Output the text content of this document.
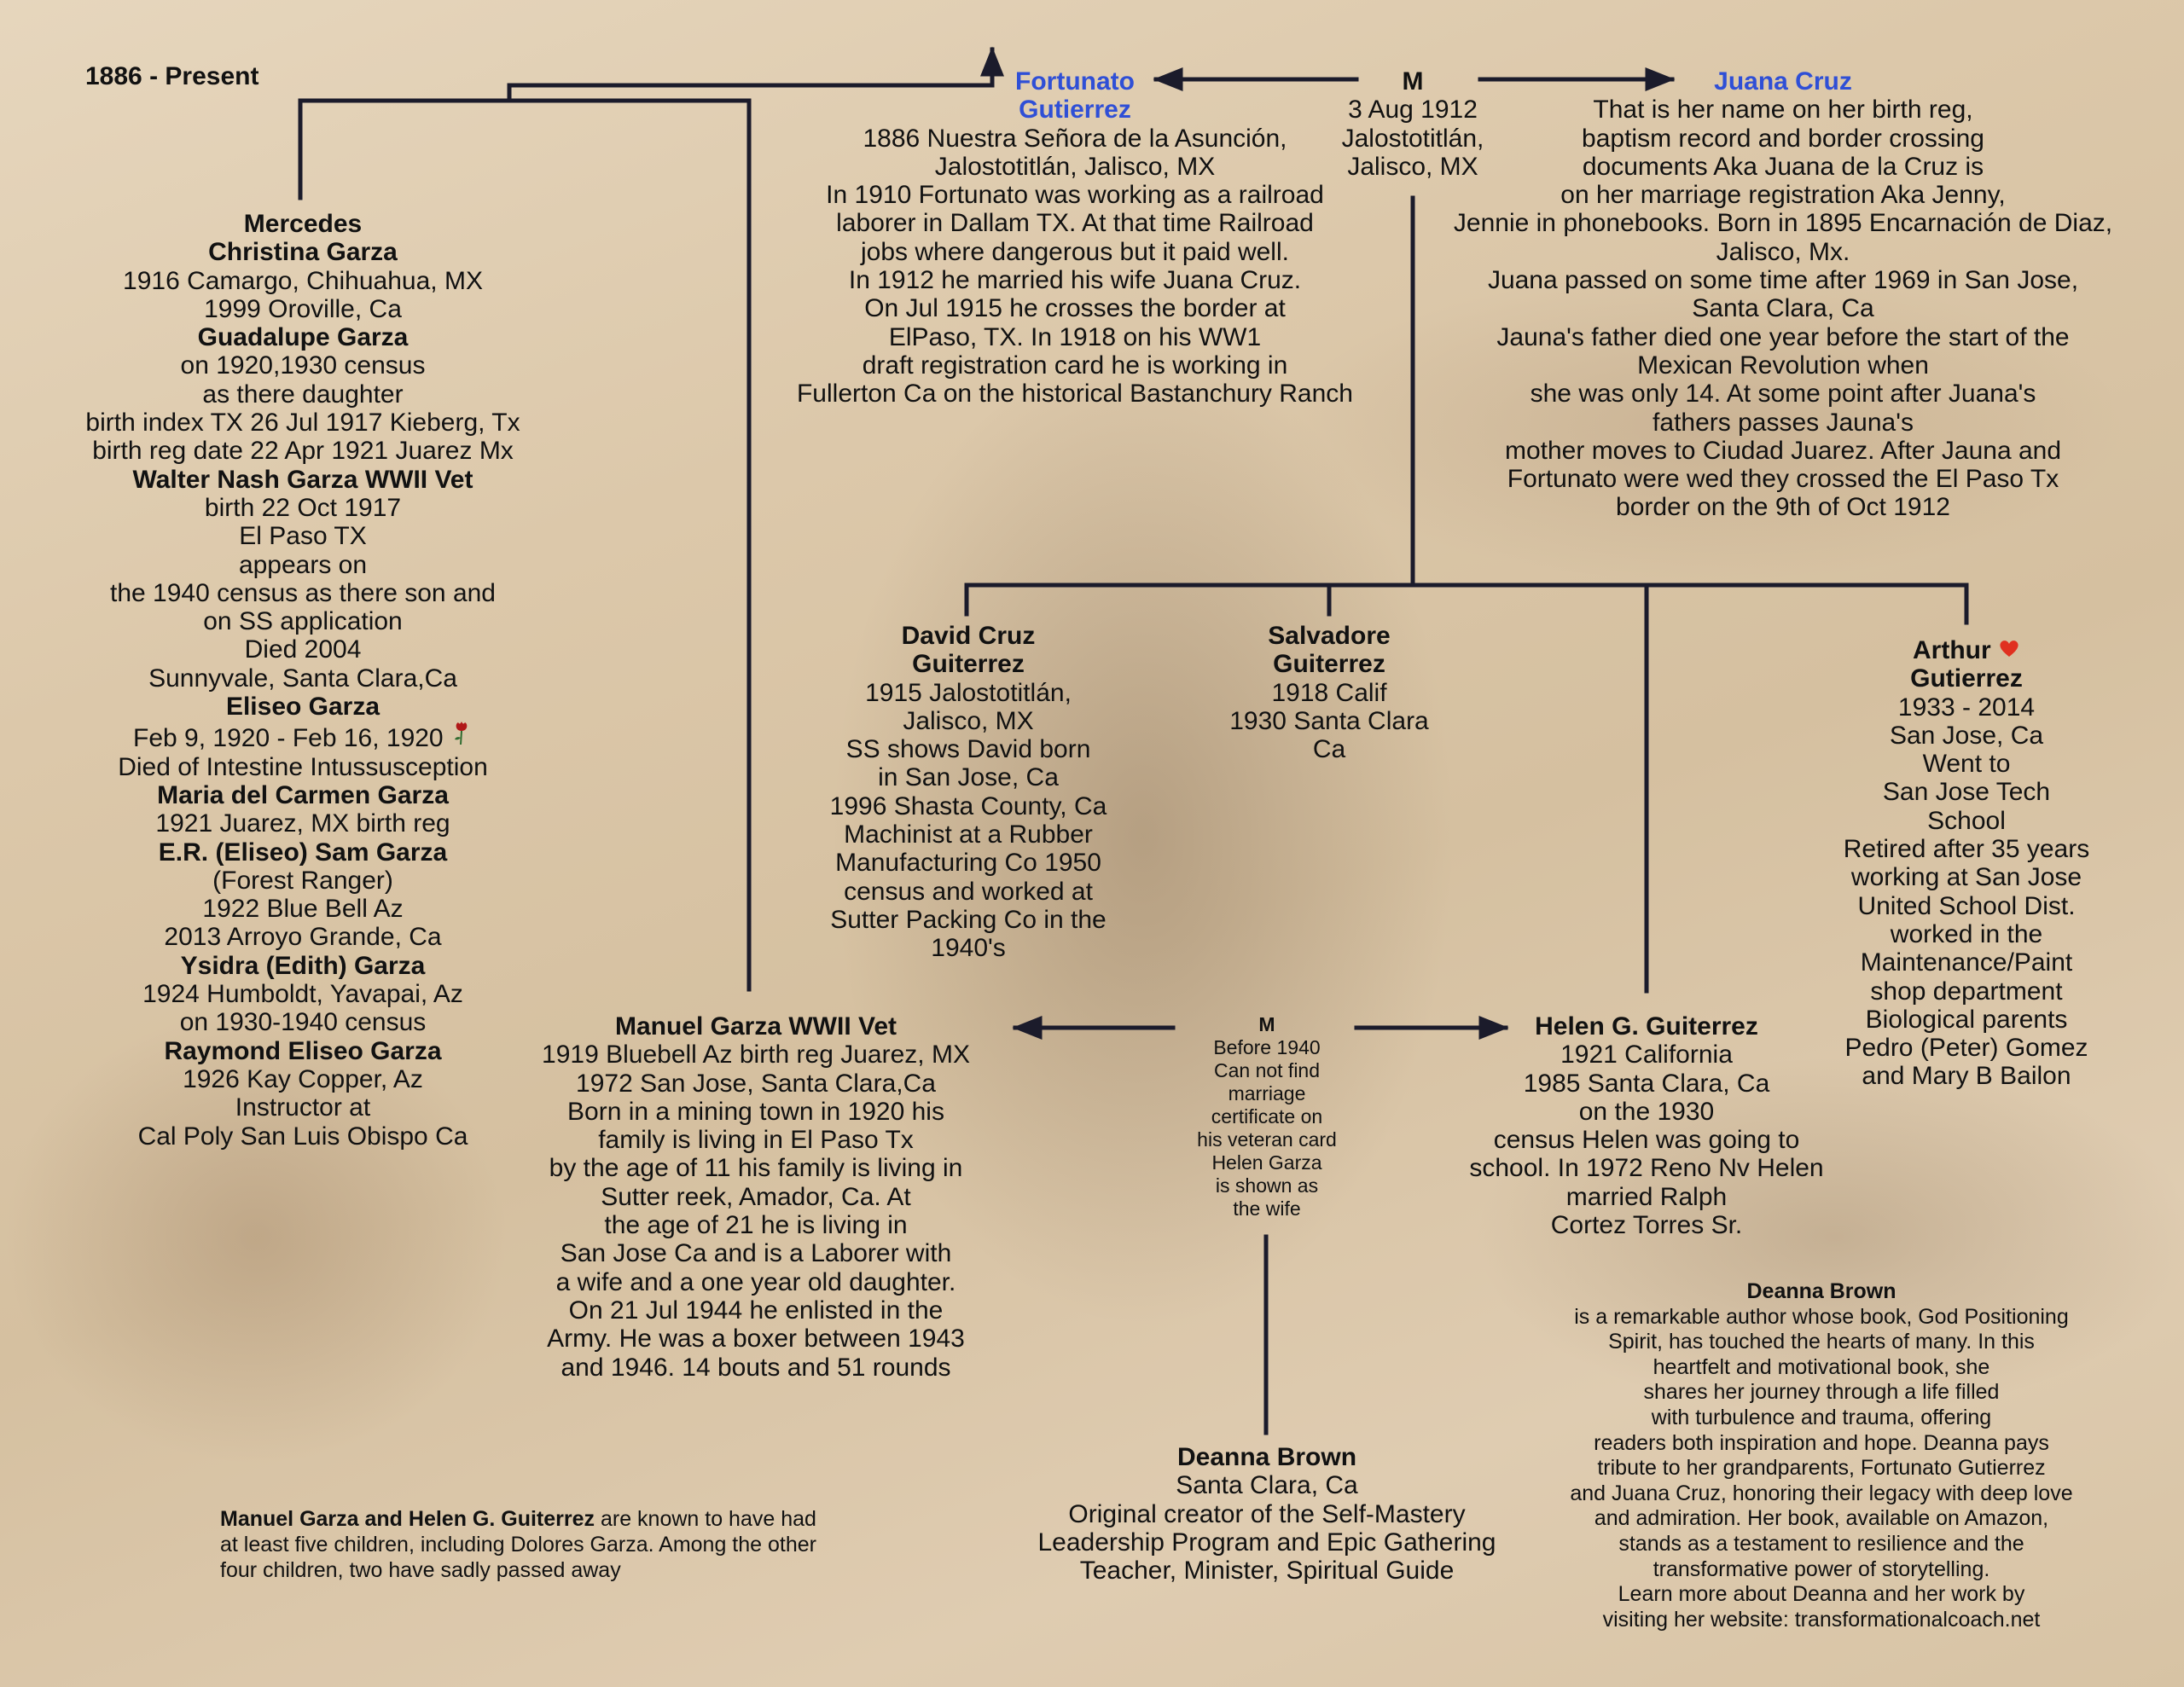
1886 - Present	Fortunato
Gutierrez
1886 Nuestra Señora de la Asunción,
Jalostotitlán, Jalisco, MX
In 1910 Fortunato was working as a railroad
laborer in Dallam TX. At that time Railroad
jobs where dangerous but it paid well.
In 1912 he married his wife Juana Cruz.
On Jul 1915 he crosses the border at
ElPaso, TX. In 1918 on his WW1
draft registration card he is working in
Fullerton Ca on the historical Bastanchury Ranch
M
3 Aug 1912
Jalostotitlán,
Jalisco, MX
Juana Cruz
That is her name on her birth reg,
baptism record and border crossing
documents Aka Juana de la Cruz is
on her marriage registration Aka Jenny,
Jennie in phonebooks. Born in 1895 Encarnación de Diaz,
Jalisco, Mx.
Juana passed on some time after 1969 in San Jose,
Santa Clara, Ca
Jauna's father died one year before the start of the
Mexican Revolution when
she was only 14. At some point after Juana's
fathers passes Jauna's
mother moves to Ciudad Juarez. After Jauna and
Fortunato were wed they crossed the El Paso Tx
border on the 9th of Oct 1912
Mercedes
Christina Garza
1916 Camargo, Chihuahua, MX
1999 Oroville, Ca
Guadalupe Garza
on 1920,1930 census
as there daughter
birth index TX 26 Jul 1917 Kieberg, Tx
birth reg date 22 Apr 1921 Juarez Mx
Walter Nash Garza WWII Vet
birth 22 Oct 1917
El Paso TX
appears on
the 1940 census as there son and
on SS application
Died 2004
Sunnyvale, Santa Clara,Ca
Eliseo Garza
Feb 9, 1920 - Feb 16, 1920
Died of Intestine Intussusception
Maria del Carmen Garza
1921 Juarez, MX birth reg
E.R. (Eliseo) Sam Garza
(Forest Ranger)
1922 Blue Bell Az
2013 Arroyo Grande, Ca
Ysidra (Edith) Garza
1924 Humboldt, Yavapai, Az
on 1930-1940 census
Raymond Eliseo Garza
1926 Kay Copper, Az
Instructor at
Cal Poly San Luis Obispo Ca
David Cruz
Guiterrez
1915 Jalostotitlán,
Jalisco, MX
SS shows David born
in San Jose, Ca
1996 Shasta County, Ca
Machinist at a Rubber
Manufacturing Co 1950
census and worked at
Sutter Packing Co in the
1940's
Salvadore
Guiterrez
1918 Calif
1930 Santa Clara
Ca
Arthur
Gutierrez
1933 - 2014
San Jose, Ca
Went to
San Jose Tech
School
Retired after 35 years
working at San Jose
United School Dist.
worked in the
Maintenance/Paint
shop department
Biological parents
Pedro (Peter) Gomez
and Mary B Bailon
Manuel Garza WWII Vet
1919 Bluebell Az birth reg Juarez, MX
1972 San Jose, Santa Clara,Ca
Born in a mining town in 1920 his
family is living in El Paso Tx
by the age of 11 his family is living in
Sutter reek, Amador, Ca. At
the age of 21 he is living in
San Jose Ca and is a Laborer with
a wife and a one year old daughter.
On 21 Jul 1944 he enlisted in the
Army. He was a boxer between 1943
and 1946. 14 bouts and 51 rounds
M
Before 1940
Can not find
marriage
certificate on
his veteran card
Helen Garza
is shown as
the wife
Helen G. Guiterrez
1921 California
1985 Santa Clara, Ca
on the 1930
census Helen was going to
school. In 1972 Reno Nv Helen
married Ralph
Cortez Torres Sr.
Deanna Brown
is a remarkable author whose book, God Positioning
Spirit, has touched the hearts of many. In this
heartfelt and motivational book, she
shares her journey through a life filled
with turbulence and trauma, offering
readers both inspiration and hope. Deanna pays
tribute to her grandparents, Fortunato Gutierrez
and Juana Cruz, honoring their legacy with deep love
and admiration. Her book, available on Amazon,
stands as a testament to resilience and the
transformative power of storytelling.
Learn more about Deanna and her work by
visiting her website: transformationalcoach.net
Deanna Brown
Santa Clara, Ca
Original creator of the Self-Mastery
Leadership Program and Epic Gathering
Teacher, Minister, Spiritual Guide
Manuel Garza and Helen G. Guiterrez are known to have had
at least five children, including Dolores Garza. Among the other
four children, two have sadly passed away
